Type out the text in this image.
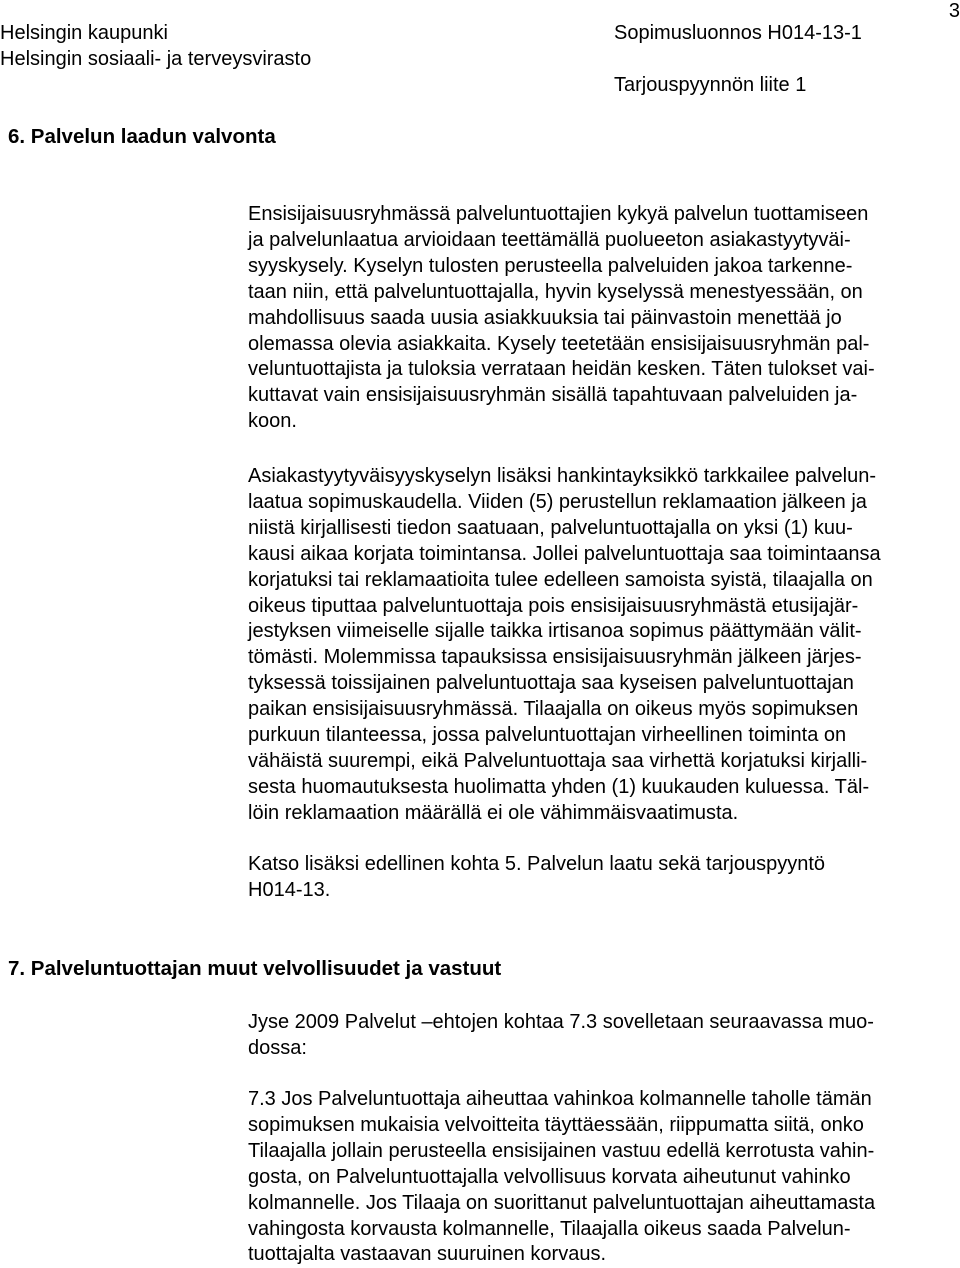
Helsingin kaupunki
Helsingin sosiaali- ja terveysvirasto
Sopimusluonnos H014-13-1
Tarjouspyynnön liite 1
3
6. Palvelun laadun valvonta

Ensisijaisuusryhmässä palveluntuottajien kykyä palvelun tuottamiseen
ja palvelunlaatua arvioidaan teettämällä puolueeton asiakastyytyväi-
syyskysely. Kyselyn tulosten perusteella palveluiden jakoa tarkenne-
taan niin, että palveluntuottajalla, hyvin kyselyssä menestyessään, on
mahdollisuus saada uusia asiakkuuksia tai päinvastoin menettää jo
olemassa olevia asiakkaita. Kysely teetetään ensisijaisuusryhmän pal-
veluntuottajista ja tuloksia verrataan heidän kesken. Täten tulokset vai-
kuttavat vain ensisijaisuusryhmän sisällä tapahtuvaan palveluiden ja-
koon.

Asiakastyytyväisyyskyselyn lisäksi hankintayksikkö tarkkailee palvelun-
laatua sopimuskaudella. Viiden (5) perustellun reklamaation jälkeen ja
niistä kirjallisesti tiedon saatuaan, palveluntuottajalla on yksi (1) kuu-
kausi aikaa korjata toimintansa. Jollei palveluntuottaja saa toimintaansa
korjatuksi tai reklamaatioita tulee edelleen samoista syistä, tilaajalla on
oikeus tiputtaa palveluntuottaja pois ensisijaisuusryhmästä etusijajär-
jestyksen viimeiselle sijalle taikka irtisanoa sopimus päättymään välit-
tömästi. Molemmissa tapauksissa ensisijaisuusryhmän jälkeen järjes-
tyksessä toissijainen palveluntuottaja saa kyseisen palveluntuottajan
paikan ensisijaisuusryhmässä. Tilaajalla on oikeus myös sopimuksen
purkuun tilanteessa, jossa palveluntuottajan virheellinen toiminta on
vähäistä suurempi, eikä Palveluntuottaja saa virhettä korjatuksi kirjalli-
sesta huomautuksesta huolimatta yhden (1) kuukauden kuluessa. Täl-
löin reklamaation määrällä ei ole vähimmäisvaatimusta.

Katso lisäksi edellinen kohta 5. Palvelun laatu sekä tarjouspyyntö
H014-13.

7. Palveluntuottajan muut velvollisuudet ja vastuut

Jyse 2009 Palvelut –ehtojen kohtaa 7.3 sovelletaan seuraavassa muo-
dossa:

7.3 Jos Palveluntuottaja aiheuttaa vahinkoa kolmannelle taholle tämän
sopimuksen mukaisia velvoitteita täyttäessään, riippumatta siitä, onko
Tilaajalla jollain perusteella ensisijainen vastuu edellä kerrotusta vahin-
gosta, on Palveluntuottajalla velvollisuus korvata aiheutunut vahinko
kolmannelle. Jos Tilaaja on suorittanut palveluntuottajan aiheuttamasta
vahingosta korvausta kolmannelle, Tilaajalla oikeus saada Palvelun-
tuottajalta vastaavan suuruinen korvaus.
